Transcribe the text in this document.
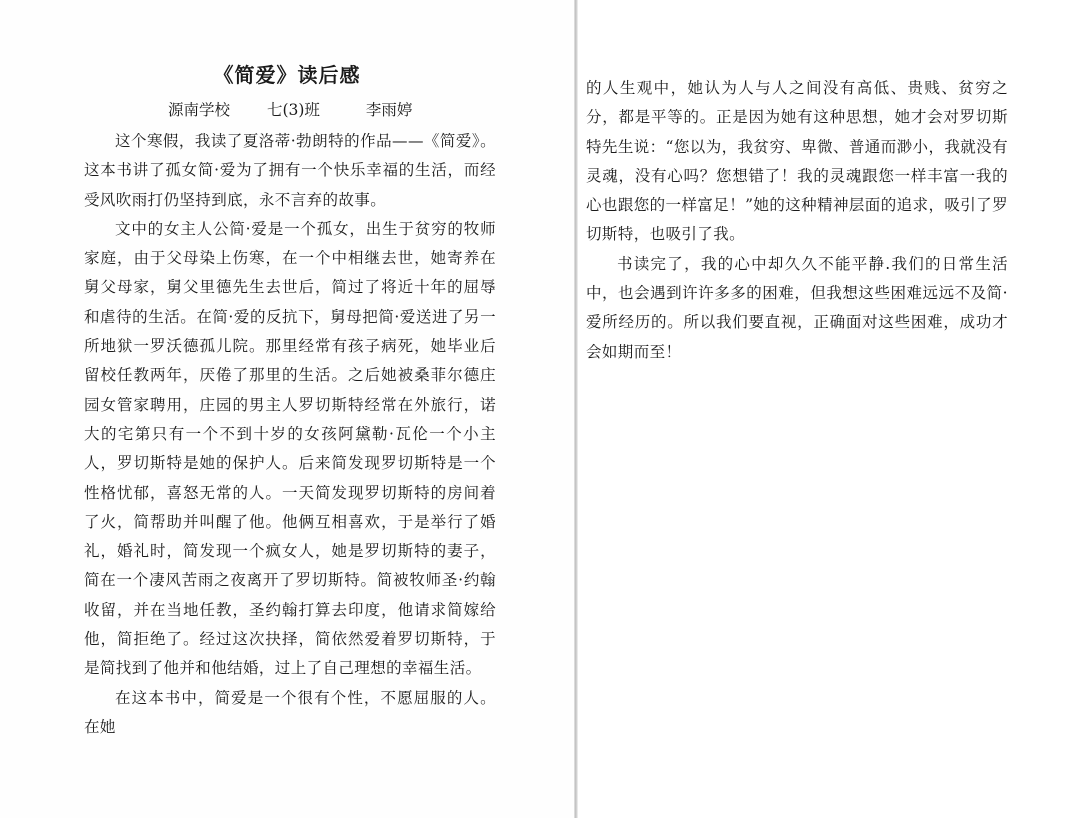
《简爱》读后感
源南学校 七(3)班	李雨婷

这个寒假，我读了夏洛蒂·勃朗特的作品——《简爱》。这本书讲了孤女简·爱为了拥有一个快乐幸福的生活，而经受风吹雨打仍坚持到底，永不言弃的故事。

文中的女主人公简·爱是一个孤女，出生于贫穷的牧师家庭，由于父母染上伤寒，在一个中相继去世，她寄养在舅父母家，舅父里德先生去世后，简过了将近十年的屈辱和虐待的生活。在简·爱的反抗下，舅母把简·爱送进了另一所地狱一罗沃德孤儿院。那里经常有孩子病死，她毕业后留校任教两年，厌倦了那里的生活。之后她被桑菲尔德庄园女管家聘用，庄园的男主人罗切斯特经常在外旅行，诺大的宅第只有一个不到十岁的女孩阿黛勒·瓦伦一个小主人，罗切斯特是她的保护人。后来简发现罗切斯特是一个性格忧郁，喜怒无常的人。一天简发现罗切斯特的房间着了火，简帮助并叫醒了他。他俩互相喜欢，于是举行了婚礼，婚礼时，简发现一个疯女人，她是罗切斯特的妻子，简在一个凄风苦雨之夜离开了罗切斯特。简被牧师圣·约翰收留，并在当地任教，圣约翰打算去印度，他请求简嫁给他，简拒绝了。经过这次抉择，简依然爱着罗切斯特，于是简找到了他并和他结婚，过上了自己理想的幸福生活。

在这本书中，简爱是一个很有个性，不愿屈服的人。在她

的人生观中，她认为人与人之间没有高低、贵贱、贫穷之分，都是平等的。正是因为她有这种思想，她才会对罗切斯特先生说：“您以为，我贫穷、卑微、普通而渺小，我就没有灵魂，没有心吗？您想错了！我的灵魂跟您一样丰富一我的心也跟您的一样富足！”她的这种精神层面的追求，吸引了罗切斯特，也吸引了我。

书读完了，我的心中却久久不能平静.我们的日常生活中，也会遇到许许多多的困难，但我想这些困难远远不及简·爱所经历的。所以我们要直视，正确面对这些困难，成功才会如期而至！
